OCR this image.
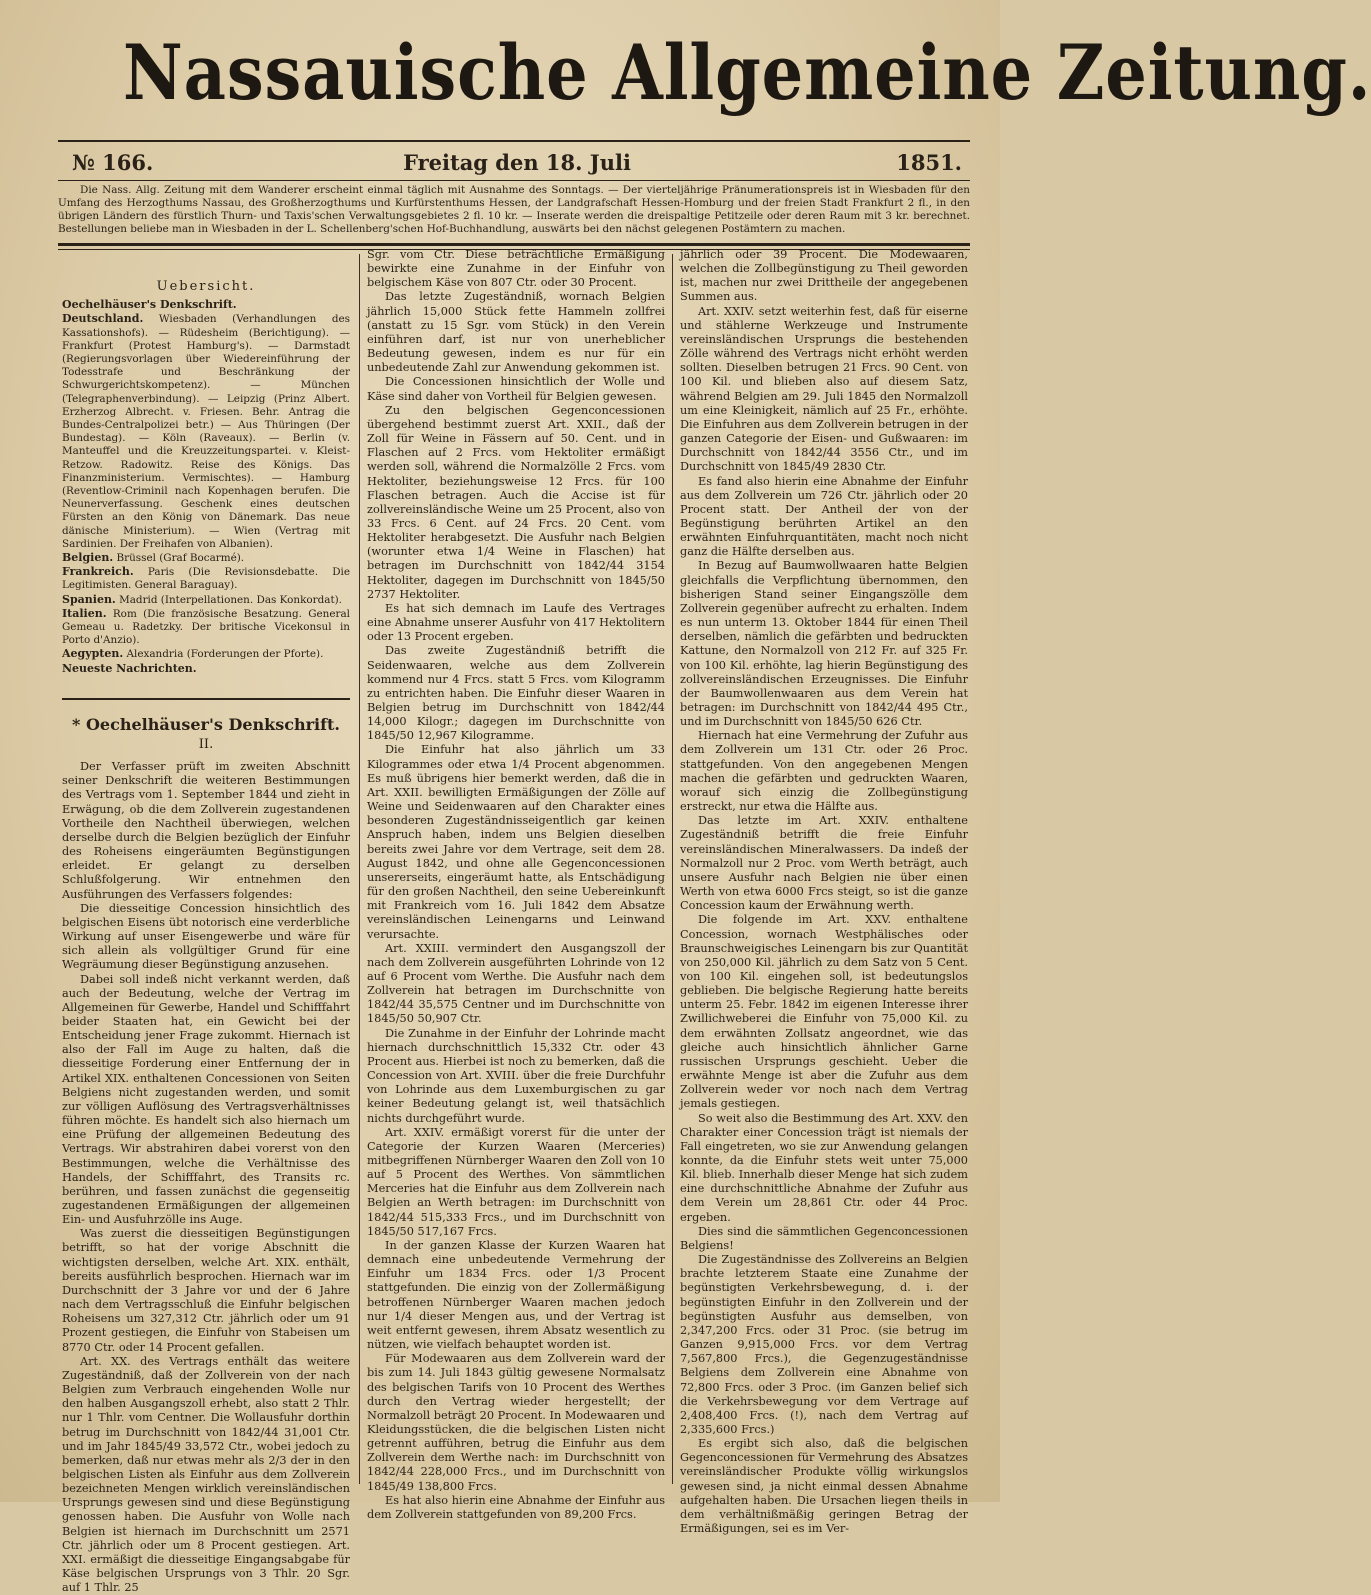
Nassauische Allgemeine Zeitung.
№ 166.	Freitag den 18. Juli	1851.

Die Nass. Allg. Zeitung mit dem Wanderer erscheint einmal täglich mit Ausnahme des Sonntags. — Der vierteljährige Pränumerationspreis ist in Wiesbaden für den Umfang des Herzogthums Nassau, des Großherzogthums und Kurfürstenthums Hessen, der Landgrafschaft Hessen-Homburg und der freien Stadt Frankfurt 2 fl., in den übrigen Ländern des fürstlich Thurn- und Taxis'schen Verwaltungsgebietes 2 fl. 10 kr. — Inserate werden die dreispaltige Petitzeile oder deren Raum mit 3 kr. berechnet. Bestellungen beliebe man in Wiesbaden in der L. Schellenberg'schen Hof-Buchhandlung, auswärts bei den nächst gelegenen Postämtern zu machen.

Uebersicht.

Oechelhäuser's Denkschrift.

Deutschland. Wiesbaden (Verhandlungen des Kassationshofs). — Rüdesheim (Berichtigung). — Frankfurt (Protest Hamburg's). — Darmstadt (Regierungsvorlagen über Wiedereinführung der Todesstrafe und Beschränkung der Schwurgerichtskompetenz). — München (Telegraphenverbindung). — Leipzig (Prinz Albert. Erzherzog Albrecht. v. Friesen. Behr. Antrag die Bundes-Centralpolizei betr.) — Aus Thüringen (Der Bundestag). — Köln (Raveaux). — Berlin (v. Manteuffel und die Kreuzzeitungspartei. v. Kleist-Retzow. Radowitz. Reise des Königs. Das Finanzministerium. Vermischtes). — Hamburg (Reventlow-Criminil nach Kopenhagen berufen. Die Neunerverfassung. Geschenk eines deutschen Fürsten an den König von Dänemark. Das neue dänische Ministerium). — Wien (Vertrag mit Sardinien. Der Freihafen von Albanien).

Belgien. Brüssel (Graf Bocarmé).

Frankreich. Paris (Die Revisionsdebatte. Die Legitimisten. General Baraguay).

Spanien. Madrid (Interpellationen. Das Konkordat).

Italien. Rom (Die französische Besatzung. General Gemeau u. Radetzky. Der britische Vicekonsul in Porto d'Anzio).

Aegypten. Alexandria (Forderungen der Pforte).

Neueste Nachrichten.

* Oechelhäuser's Denkschrift.
II.

Der Verfasser prüft im zweiten Abschnitt seiner Denkschrift die weiteren Bestimmungen des Vertrags vom 1. September 1844 und zieht in Erwägung, ob die dem Zollverein zugestandenen Vortheile den Nachtheil überwiegen, welchen derselbe durch die Belgien bezüglich der Einfuhr des Roheisens eingeräumten Begünstigungen erleidet. Er gelangt zu derselben Schlußfolgerung. Wir entnehmen den Ausführungen des Verfassers folgendes:

Die diesseitige Concession hinsichtlich des belgischen Eisens übt notorisch eine verderbliche Wirkung auf unser Eisengewerbe und wäre für sich allein als vollgültiger Grund für eine Wegräumung dieser Begünstigung anzusehen.

Dabei soll indeß nicht verkannt werden, daß auch der Bedeutung, welche der Vertrag im Allgemeinen für Gewerbe, Handel und Schifffahrt beider Staaten hat, ein Gewicht bei der Entscheidung jener Frage zukommt. Hiernach ist also der Fall im Auge zu halten, daß die diesseitige Forderung einer Entfernung der in Artikel XIX. enthaltenen Concessionen von Seiten Belgiens nicht zugestanden werden, und somit zur völligen Auflösung des Vertragsverhältnisses führen möchte. Es handelt sich also hiernach um eine Prüfung der allgemeinen Bedeutung des Vertrags. Wir abstrahiren dabei vorerst von den Bestimmungen, welche die Verhältnisse des Handels, der Schifffahrt, des Transits rc. berühren, und fassen zunächst die gegenseitig zugestandenen Ermäßigungen der allgemeinen Ein- und Ausfuhrzölle ins Auge.

Was zuerst die diesseitigen Begünstigungen betrifft, so hat der vorige Abschnitt die wichtigsten derselben, welche Art. XIX. enthält, bereits ausführlich besprochen. Hiernach war im Durchschnitt der 3 Jahre vor und der 6 Jahre nach dem Vertragsschluß die Einfuhr belgischen Roheisens um 327,312 Ctr. jährlich oder um 91 Prozent gestiegen, die Einfuhr von Stabeisen um 8770 Ctr. oder 14 Procent gefallen.

Art. XX. des Vertrags enthält das weitere Zugeständniß, daß der Zollverein von der nach Belgien zum Verbrauch eingehenden Wolle nur den halben Ausgangszoll erhebt, also statt 2 Thlr. nur 1 Thlr. vom Centner. Die Wollausfuhr dorthin betrug im Durchschnitt von 1842/44 31,001 Ctr. und im Jahr 1845/49 33,572 Ctr., wobei jedoch zu bemerken, daß nur etwas mehr als 2/3 der in den belgischen Listen als Einfuhr aus dem Zollverein bezeichneten Mengen wirklich vereinsländischen Ursprungs gewesen sind und diese Begünstigung genossen haben. Die Ausfuhr von Wolle nach Belgien ist hiernach im Durchschnitt um 2571 Ctr. jährlich oder um 8 Procent gestiegen. Art. XXI. ermäßigt die diesseitige Eingangsabgabe für Käse belgischen Ursprungs von 3 Thlr. 20 Sgr. auf 1 Thlr. 25

Sgr. vom Ctr. Diese beträchtliche Ermäßigung bewirkte eine Zunahme in der Einfuhr von belgischem Käse von 807 Ctr. oder 30 Procent.

Das letzte Zugeständniß, wornach Belgien jährlich 15,000 Stück fette Hammeln zollfrei (anstatt zu 15 Sgr. vom Stück) in den Verein einführen darf, ist nur von unerheblicher Bedeutung gewesen, indem es nur für ein unbedeutende Zahl zur Anwendung gekommen ist.

Die Concessionen hinsichtlich der Wolle und Käse sind daher von Vortheil für Belgien gewesen.

Zu den belgischen Gegenconcessionen übergehend bestimmt zuerst Art. XXII., daß der Zoll für Weine in Fässern auf 50. Cent. und in Flaschen auf 2 Frcs. vom Hektoliter ermäßigt werden soll, während die Normalzölle 2 Frcs. vom Hektoliter, beziehungsweise 12 Frcs. für 100 Flaschen betragen. Auch die Accise ist für zollvereinsländische Weine um 25 Procent, also von 33 Frcs. 6 Cent. auf 24 Frcs. 20 Cent. vom Hektoliter herabgesetzt. Die Ausfuhr nach Belgien (worunter etwa 1/4 Weine in Flaschen) hat betragen im Durchschnitt von 1842/44 3154 Hektoliter, dagegen im Durchschnitt von 1845/50 2737 Hektoliter.

Es hat sich demnach im Laufe des Vertrages eine Abnahme unserer Ausfuhr von 417 Hektolitern oder 13 Procent ergeben.

Das zweite Zugeständniß betrifft die Seidenwaaren, welche aus dem Zollverein kommend nur 4 Frcs. statt 5 Frcs. vom Kilogramm zu entrichten haben. Die Einfuhr dieser Waaren in Belgien betrug im Durchschnitt von 1842/44 14,000 Kilogr.; dagegen im Durchschnitte von 1845/50 12,967 Kilogramme.

Die Einfuhr hat also jährlich um 33 Kilogrammes oder etwa 1/4 Procent abgenommen. Es muß übrigens hier bemerkt werden, daß die in Art. XXII. bewilligten Ermäßigungen der Zölle auf Weine und Seidenwaaren auf den Charakter eines besonderen Zugeständnisseigentlich gar keinen Anspruch haben, indem uns Belgien dieselben bereits zwei Jahre vor dem Vertrage, seit dem 28. August 1842, und ohne alle Gegenconcessionen unsererseits, eingeräumt hatte, als Entschädigung für den großen Nachtheil, den seine Uebereinkunft mit Frankreich vom 16. Juli 1842 dem Absatze vereinsländischen Leinengarns und Leinwand verursachte.

Art. XXIII. vermindert den Ausgangszoll der nach dem Zollverein ausgeführten Lohrinde von 12 auf 6 Procent vom Werthe. Die Ausfuhr nach dem Zollverein hat betragen im Durchschnitte von 1842/44 35,575 Centner und im Durchschnitte von 1845/50 50,907 Ctr.

Die Zunahme in der Einfuhr der Lohrinde macht hiernach durchschnittlich 15,332 Ctr. oder 43 Procent aus. Hierbei ist noch zu bemerken, daß die Concession von Art. XVIII. über die freie Durchfuhr von Lohrinde aus dem Luxemburgischen zu gar keiner Bedeutung gelangt ist, weil thatsächlich nichts durchgeführt wurde.

Art. XXIV. ermäßigt vorerst für die unter der Categorie der Kurzen Waaren (Merceries) mitbegriffenen Nürnberger Waaren den Zoll von 10 auf 5 Procent des Werthes. Von sämmtlichen Merceries hat die Einfuhr aus dem Zollverein nach Belgien an Werth betragen: im Durchschnitt von 1842/44 515,333 Frcs., und im Durchschnitt von 1845/50 517,167 Frcs.

In der ganzen Klasse der Kurzen Waaren hat demnach eine unbedeutende Vermehrung der Einfuhr um 1834 Frcs. oder 1/3 Procent stattgefunden. Die einzig von der Zollermäßigung betroffenen Nürnberger Waaren machen jedoch nur 1/4 dieser Mengen aus, und der Vertrag ist weit entfernt gewesen, ihrem Absatz wesentlich zu nützen, wie vielfach behauptet worden ist.

Für Modewaaren aus dem Zollverein ward der bis zum 14. Juli 1843 gültig gewesene Normalsatz des belgischen Tarifs von 10 Procent des Werthes durch den Vertrag wieder hergestellt; der Normalzoll beträgt 20 Procent. In Modewaaren und Kleidungsstücken, die die belgischen Listen nicht getrennt aufführen, betrug die Einfuhr aus dem Zollverein dem Werthe nach: im Durchschnitt von 1842/44 228,000 Frcs., und im Durchschnitt von 1845/49 138,800 Frcs.

Es hat also hierin eine Abnahme der Einfuhr aus dem Zollverein stattgefunden von 89,200 Frcs.

jährlich oder 39 Procent. Die Modewaaren, welchen die Zollbegünstigung zu Theil geworden ist, machen nur zwei Drittheile der angegebenen Summen aus.

Art. XXIV. setzt weiterhin fest, daß für eiserne und stählerne Werkzeuge und Instrumente vereinsländischen Ursprungs die bestehenden Zölle während des Vertrags nicht erhöht werden sollten. Dieselben betrugen 21 Frcs. 90 Cent. von 100 Kil. und blieben also auf diesem Satz, während Belgien am 29. Juli 1845 den Normalzoll um eine Kleinigkeit, nämlich auf 25 Fr., erhöhte. Die Einfuhren aus dem Zollverein betrugen in der ganzen Categorie der Eisen- und Gußwaaren: im Durchschnitt von 1842/44 3556 Ctr., und im Durchschnitt von 1845/49 2830 Ctr.

Es fand also hierin eine Abnahme der Einfuhr aus dem Zollverein um 726 Ctr. jährlich oder 20 Procent statt. Der Antheil der von der Begünstigung berührten Artikel an den erwähnten Einfuhrquantitäten, macht noch nicht ganz die Hälfte derselben aus.

In Bezug auf Baumwollwaaren hatte Belgien gleichfalls die Verpflichtung übernommen, den bisherigen Stand seiner Eingangszölle dem Zollverein gegenüber aufrecht zu erhalten. Indem es nun unterm 13. Oktober 1844 für einen Theil derselben, nämlich die gefärbten und bedruckten Kattune, den Normalzoll von 212 Fr. auf 325 Fr. von 100 Kil. erhöhte, lag hierin Begünstigung des zollvereinsländischen Erzeugnisses. Die Einfuhr der Baumwollenwaaren aus dem Verein hat betragen: im Durchschnitt von 1842/44 495 Ctr., und im Durchschnitt von 1845/50 626 Ctr.

Hiernach hat eine Vermehrung der Zufuhr aus dem Zollverein um 131 Ctr. oder 26 Proc. stattgefunden. Von den angegebenen Mengen machen die gefärbten und gedruckten Waaren, worauf sich einzig die Zollbegünstigung erstreckt, nur etwa die Hälfte aus.

Das letzte im Art. XXIV. enthaltene Zugeständniß betrifft die freie Einfuhr vereinsländischen Mineralwassers. Da indeß der Normalzoll nur 2 Proc. vom Werth beträgt, auch unsere Ausfuhr nach Belgien nie über einen Werth von etwa 6000 Frcs steigt, so ist die ganze Concession kaum der Erwähnung werth.

Die folgende im Art. XXV. enthaltene Concession, wornach Westphälisches oder Braunschweigisches Leinengarn bis zur Quantität von 250,000 Kil. jährlich zu dem Satz von 5 Cent. von 100 Kil. eingehen soll, ist bedeutungslos geblieben. Die belgische Regierung hatte bereits unterm 25. Febr. 1842 im eigenen Interesse ihrer Zwillichweberei die Einfuhr von 75,000 Kil. zu dem erwähnten Zollsatz angeordnet, wie das gleiche auch hinsichtlich ähnlicher Garne russischen Ursprungs geschieht. Ueber die erwähnte Menge ist aber die Zufuhr aus dem Zollverein weder vor noch nach dem Vertrag jemals gestiegen.

So weit also die Bestimmung des Art. XXV. den Charakter einer Concession trägt ist niemals der Fall eingetreten, wo sie zur Anwendung gelangen konnte, da die Einfuhr stets weit unter 75,000 Kil. blieb. Innerhalb dieser Menge hat sich zudem eine durchschnittliche Abnahme der Zufuhr aus dem Verein um 28,861 Ctr. oder 44 Proc. ergeben.

Dies sind die sämmtlichen Gegenconcessionen Belgiens!

Die Zugeständnisse des Zollvereins an Belgien brachte letzterem Staate eine Zunahme der begünstigten Verkehrsbewegung, d. i. der begünstigten Einfuhr in den Zollverein und der begünstigten Ausfuhr aus demselben, von 2,347,200 Frcs. oder 31 Proc. (sie betrug im Ganzen 9,915,000 Frcs. vor dem Vertrag 7,567,800 Frcs.), die Gegenzugeständnisse Belgiens dem Zollverein eine Abnahme von 72,800 Frcs. oder 3 Proc. (im Ganzen belief sich die Verkehrsbewegung vor dem Vertrage auf 2,408,400 Frcs. (!), nach dem Vertrag auf 2,335,600 Frcs.)

Es ergibt sich also, daß die belgischen Gegenconcessionen für Vermehrung des Absatzes vereinsländischer Produkte völlig wirkungslos gewesen sind, ja nicht einmal dessen Abnahme aufgehalten haben. Die Ursachen liegen theils in dem verhältnißmäßig geringen Betrag der Ermäßigungen, sei es im Ver-
